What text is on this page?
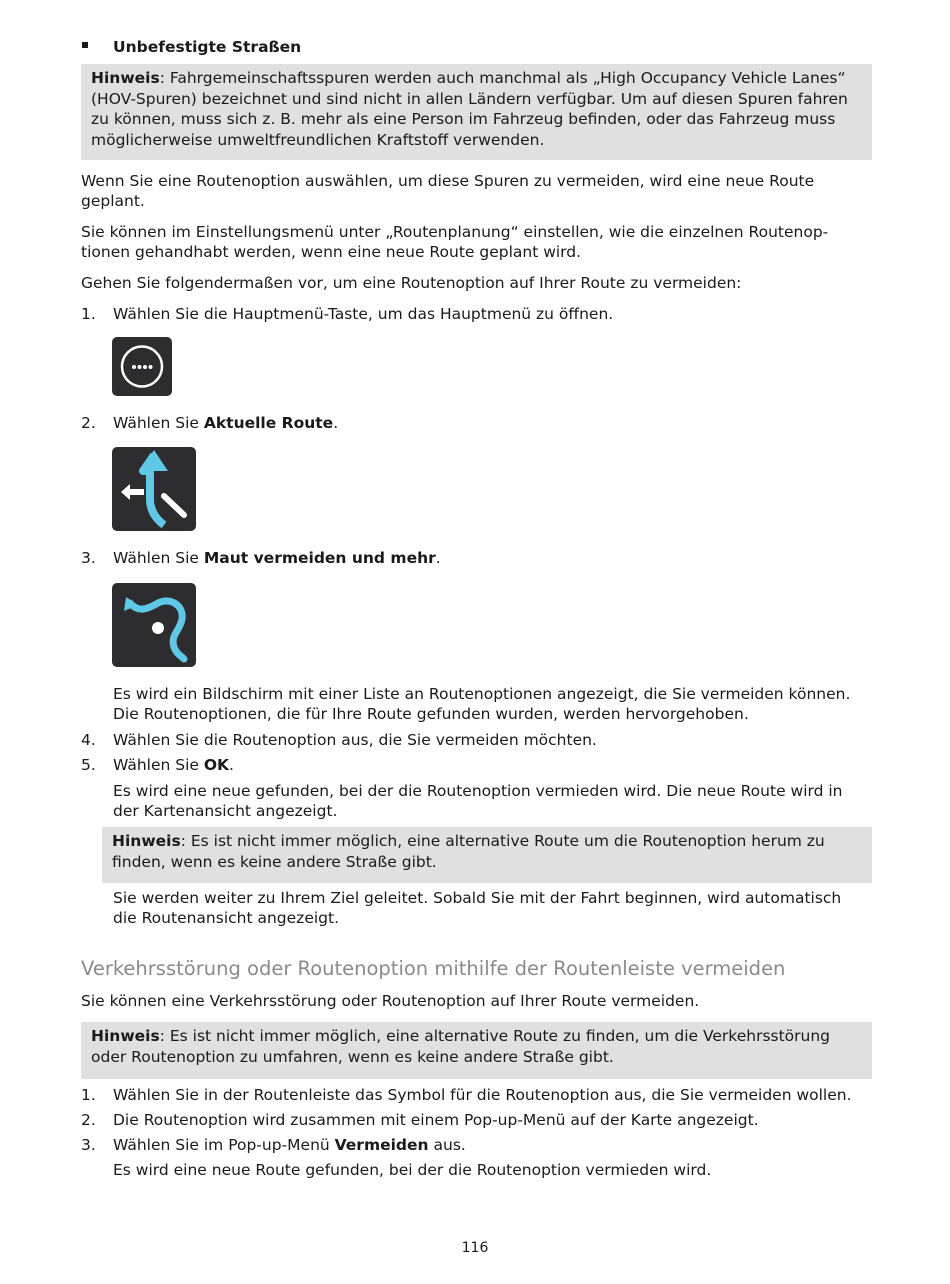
Unbefestigte Straßen

Hinweis: Fahrgemeinschaftsspuren werden auch manchmal als „High Occupancy Vehicle Lanes“

(HOV-Spuren) bezeichnet und sind nicht in allen Ländern verfügbar. Um auf diesen Spuren fahren

zu können, muss sich z. B. mehr als eine Person im Fahrzeug befinden, oder das Fahrzeug muss

möglicherweise umweltfreundlichen Kraftstoff verwenden.

Wenn Sie eine Routenoption auswählen, um diese Spuren zu vermeiden, wird eine neue Route

geplant.

Sie können im Einstellungsmenü unter „Routenplanung“ einstellen, wie die einzelnen Routenop-

tionen gehandhabt werden, wenn eine neue Route geplant wird.

Gehen Sie folgendermaßen vor, um eine Routenoption auf Ihrer Route zu vermeiden:

1. Wählen Sie die Hauptmenü-Taste, um das Hauptmenü zu öffnen.

2. Wählen Sie Aktuelle Route.

3. Wählen Sie Maut vermeiden und mehr.

Es wird ein Bildschirm mit einer Liste an Routenoptionen angezeigt, die Sie vermeiden können.

Die Routenoptionen, die für Ihre Route gefunden wurden, werden hervorgehoben.

4. Wählen Sie die Routenoption aus, die Sie vermeiden möchten.

5. Wählen Sie OK.

Es wird eine neue gefunden, bei der die Routenoption vermieden wird. Die neue Route wird in

der Kartenansicht angezeigt.

Hinweis: Es ist nicht immer möglich, eine alternative Route um die Routenoption herum zu

finden, wenn es keine andere Straße gibt.

Sie werden weiter zu Ihrem Ziel geleitet. Sobald Sie mit der Fahrt beginnen, wird automatisch

die Routenansicht angezeigt.

Verkehrsstörung oder Routenoption mithilfe der Routenleiste vermeiden

Sie können eine Verkehrsstörung oder Routenoption auf Ihrer Route vermeiden.

Hinweis: Es ist nicht immer möglich, eine alternative Route zu finden, um die Verkehrsstörung

oder Routenoption zu umfahren, wenn es keine andere Straße gibt.

1. Wählen Sie in der Routenleiste das Symbol für die Routenoption aus, die Sie vermeiden wollen.

2. Die Routenoption wird zusammen mit einem Pop-up-Menü auf der Karte angezeigt.

3. Wählen Sie im Pop-up-Menü Vermeiden aus.

Es wird eine neue Route gefunden, bei der die Routenoption vermieden wird.

116
